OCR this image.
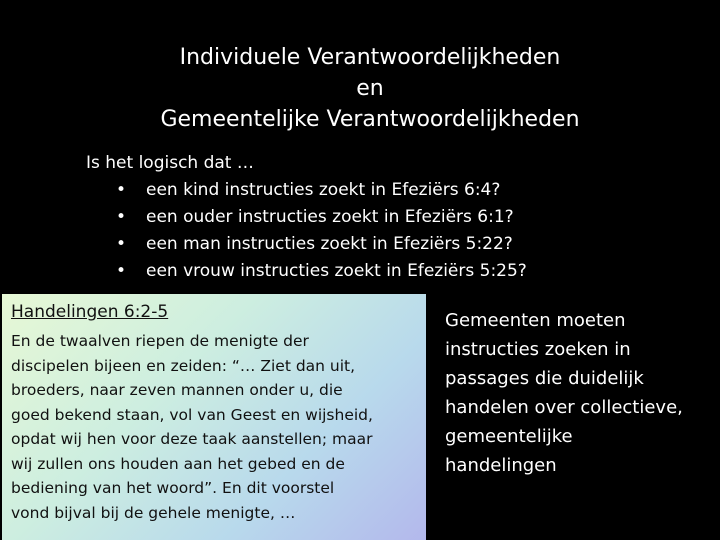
Individuele Verantwoordelijkheden
en
Gemeentelijke Verantwoordelijkheden
Is het logisch dat …
•	een kind instructies zoekt in Efeziërs 6:4?
•	een ouder instructies zoekt in Efeziërs 6:1?
•	een man instructies zoekt in Efeziërs 5:22?
•	een vrouw instructies zoekt in Efeziërs 5:25?
Handelingen 6:2-5
En de twaalven riepen de menigte der
discipelen bijeen en zeiden: “… Ziet dan uit,
broeders, naar zeven mannen onder u, die
goed bekend staan, vol van Geest en wijsheid,
opdat wij hen voor deze taak aanstellen; maar
wij zullen ons houden aan het gebed en de
bediening van het woord”. En dit voorstel
vond bijval bij de gehele menigte, …
Gemeenten moeten
instructies zoeken in
passages die duidelijk
handelen over collectieve,
gemeentelijke
handelingen
